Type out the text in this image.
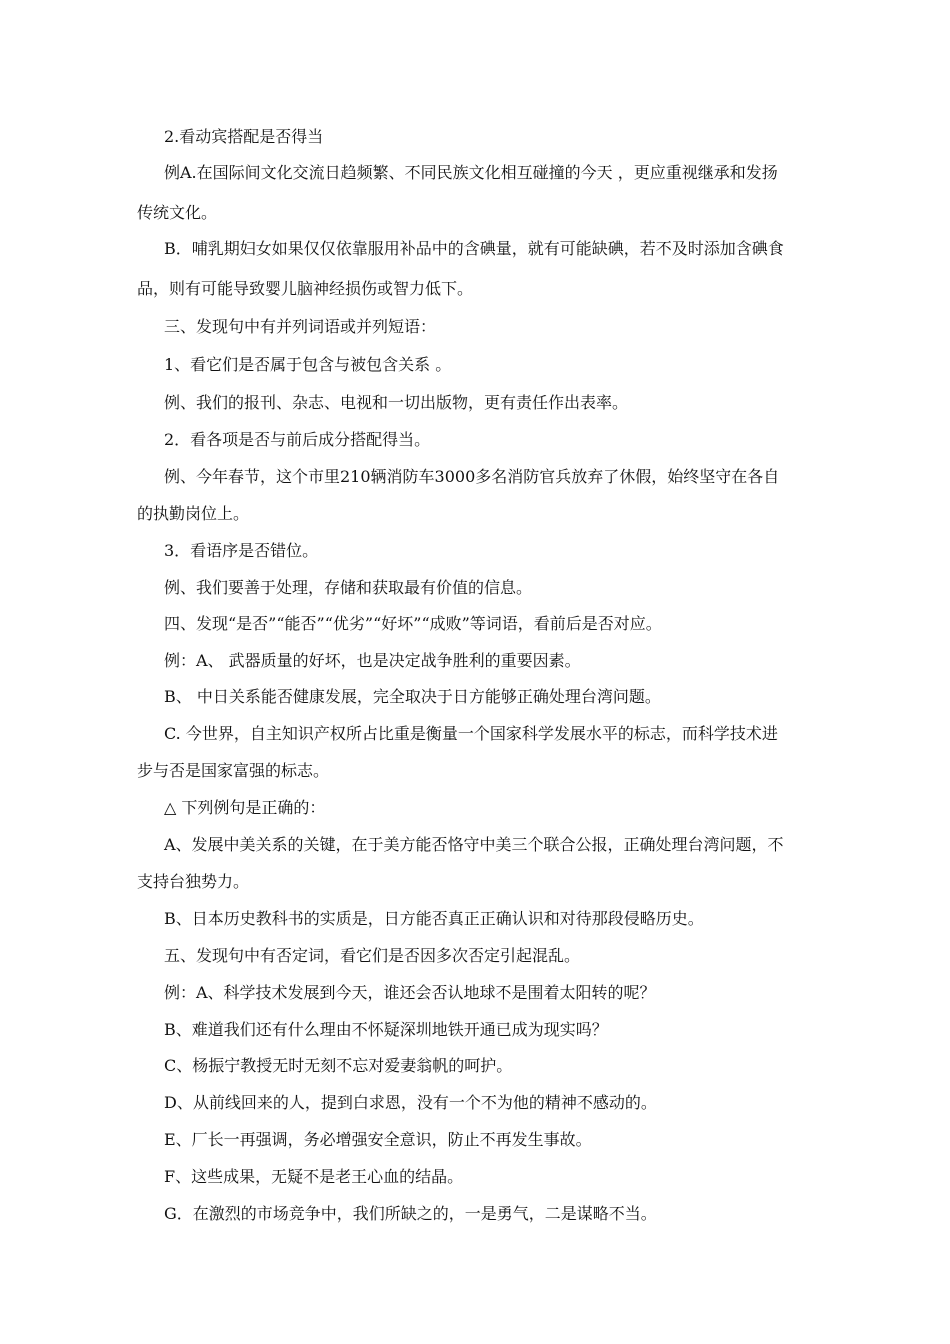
2.看动宾搭配是否得当
例A.在国际间文化交流日趋频繁、不同民族文化相互碰撞的今天 ，更应重视继承和发扬
传统文化。
B．哺乳期妇女如果仅仅依靠服用补品中的含碘量，就有可能缺碘，若不及时添加含碘食
品，则有可能导致婴儿脑神经损伤或智力低下。
三、发现句中有并列词语或并列短语：
1、看它们是否属于包含与被包含关系 。
例、我们的报刊、杂志、电视和一切出版物，更有责任作出表率。
2．看各项是否与前后成分搭配得当。
例、今年春节，这个市里210辆消防车3000多名消防官兵放弃了休假，始终坚守在各自
的执勤岗位上。
3．看语序是否错位。
例、我们要善于处理，存储和获取最有价值的信息。
四、发现“是否”“能否”“优劣”“好坏”“成败”等词语，看前后是否对应。
例：A、 武器质量的好坏，也是决定战争胜利的重要因素。
B、 中日关系能否健康发展，完全取决于日方能够正确处理台湾问题。
C. 今世界，自主知识产权所占比重是衡量一个国家科学发展水平的标志，而科学技术进
步与否是国家富强的标志。
△ 下列例句是正确的：
A、发展中美关系的关键，在于美方能否恪守中美三个联合公报，正确处理台湾问题，不
支持台独势力。
B、日本历史教科书的实质是，日方能否真正正确认识和对待那段侵略历史。
五、发现句中有否定词，看它们是否因多次否定引起混乱。
例：A、科学技术发展到今天，谁还会否认地球不是围着太阳转的呢？
B、难道我们还有什么理由不怀疑深圳地铁开通已成为现实吗？
C、杨振宁教授无时无刻不忘对爱妻翁帆的呵护。
D、从前线回来的人，提到白求恩，没有一个不为他的精神不感动的。
E、厂长一再强调，务必增强安全意识，防止不再发生事故。
F、这些成果，无疑不是老王心血的结晶。
G．在激烈的市场竞争中，我们所缺之的，一是勇气，二是谋略不当。
